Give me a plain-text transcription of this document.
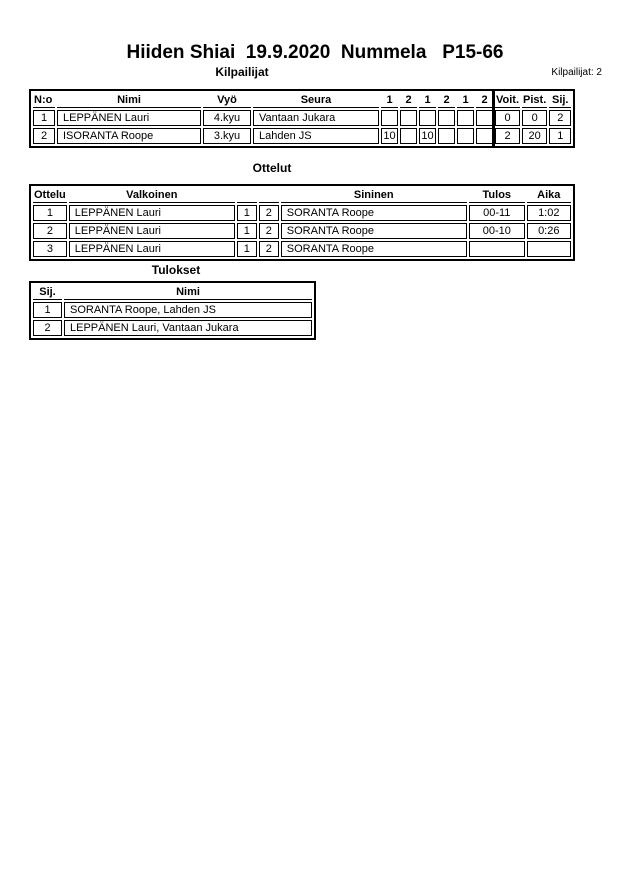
Hiiden Shiai  19.9.2020  Nummela   P15-66
Kilpailijat	Kilpailijat: 2
N:o	Nimi	Vyö	Seura	1	2	1	2	1	2	Voit.	Pist.	Sij.
1	LEPPÄNEN Lauri	4.kyu	Vantaan Jukara							0	0	2
2	ISORANTA Roope	3.kyu	Lahden JS	10		10				2	20	1
Ottelut
Ottelu	Valkoinen			Sininen	Tulos	Aika
1	LEPPÄNEN Lauri	1	2	SORANTA Roope	00-11	1:02
2	LEPPÄNEN Lauri	1	2	SORANTA Roope	00-10	0:26
3	LEPPÄNEN Lauri	1	2	SORANTA Roope		
Tulokset
Sij.	Nimi
1	SORANTA Roope, Lahden JS
2	LEPPÄNEN Lauri, Vantaan Jukara
